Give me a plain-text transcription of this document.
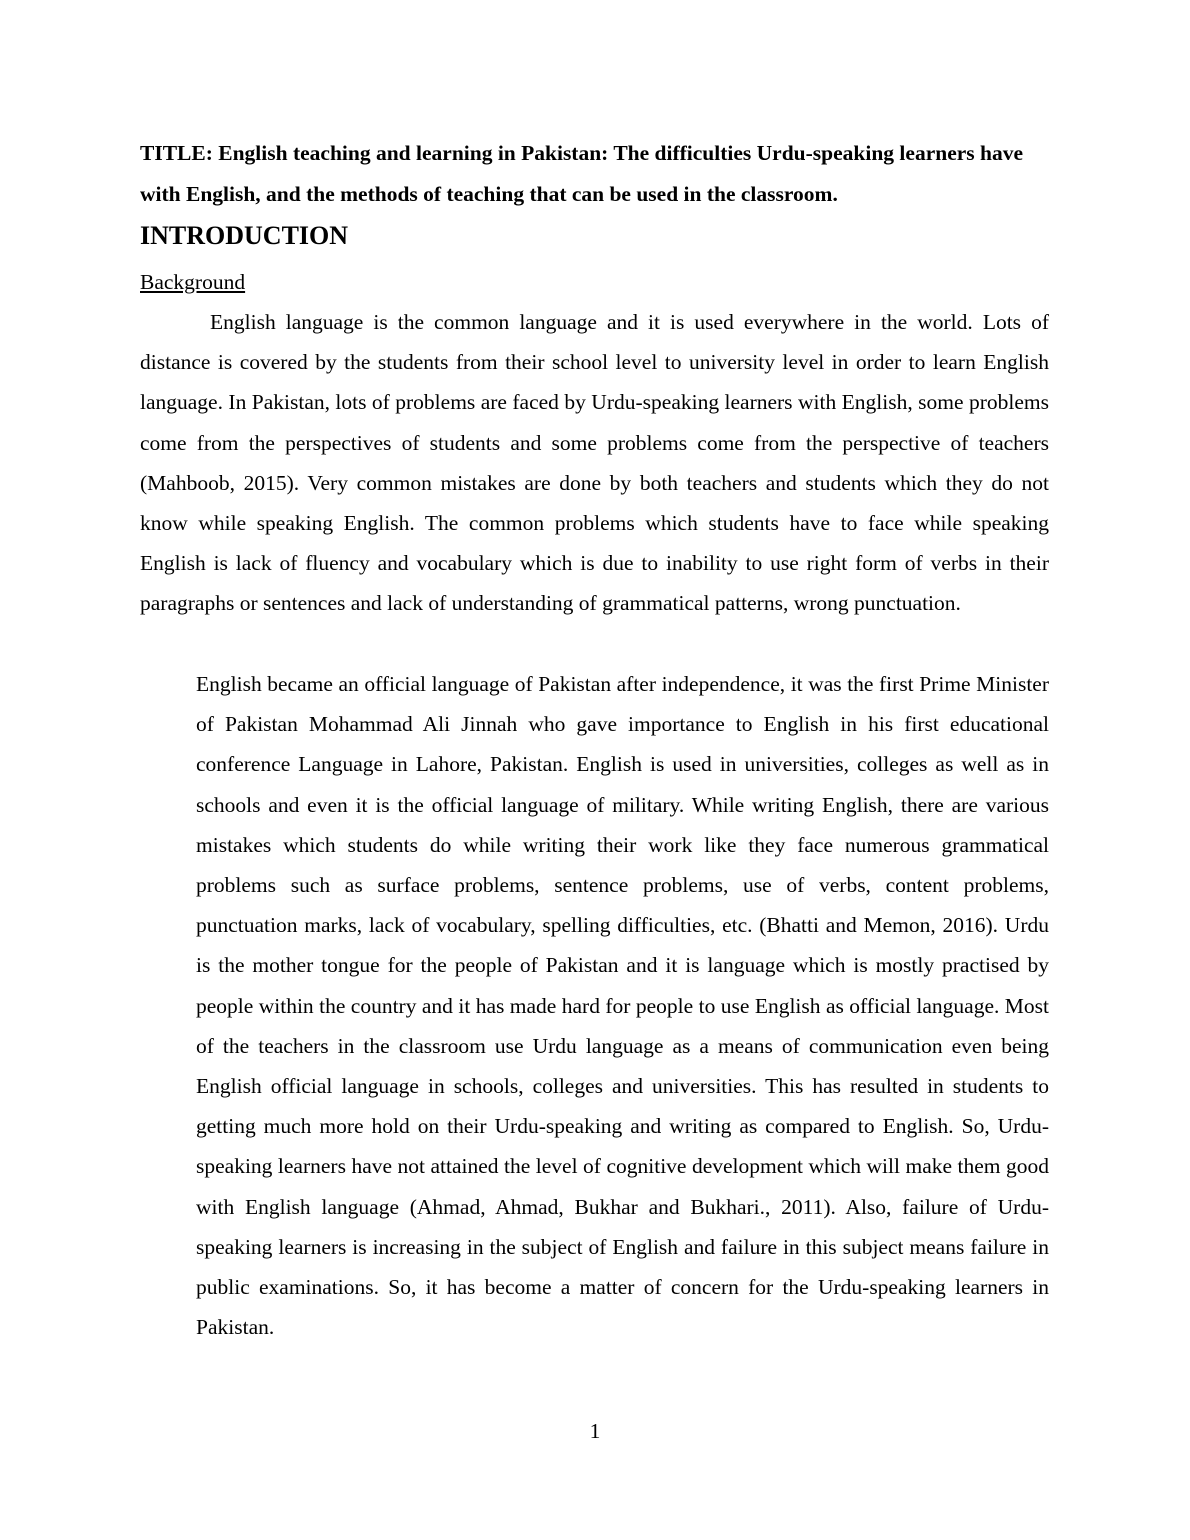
TITLE: English teaching and learning in Pakistan: The difficulties Urdu-speaking learners have with English, and the methods of teaching that can be used in the classroom.

INTRODUCTION
Background

English language is the common language and it is used everywhere in the world. Lots of distance is covered by the students from their school level to university level in order to learn English language. In Pakistan, lots of problems are faced by Urdu-speaking learners with English, some problems come from the perspectives of students and some problems come from the perspective of teachers (Mahboob, 2015). Very common mistakes are done by both teachers and students which they do not know while speaking English. The common problems which students have to face while speaking English is lack of fluency and vocabulary which is due to inability to use right form of verbs in their paragraphs or sentences and lack of understanding of grammatical patterns, wrong punctuation.

English became an official language of Pakistan after independence, it was the first Prime Minister of Pakistan Mohammad Ali Jinnah who gave importance to English in his first educational conference Language in Lahore, Pakistan. English is used in universities, colleges as well as in schools and even it is the official language of military. While writing English, there are various mistakes which students do while writing their work like they face numerous grammatical problems such as surface problems, sentence problems, use of verbs, content problems, punctuation marks, lack of vocabulary, spelling difficulties, etc. (Bhatti and Memon, 2016). Urdu is the mother tongue for the people of Pakistan and it is language which is mostly practised by people within the country and it has made hard for people to use English as official language. Most of the teachers in the classroom use Urdu language as a means of communication even being English official language in schools, colleges and universities. This has resulted in students to getting much more hold on their Urdu-speaking and writing as compared to English. So, Urdu-speaking learners have not attained the level of cognitive development which will make them good with English language (Ahmad, Ahmad, Bukhar and Bukhari., 2011). Also, failure of Urdu-speaking learners is increasing in the subject of English and failure in this subject means failure in public examinations. So, it has become a matter of concern for the Urdu-speaking learners in Pakistan.

1
